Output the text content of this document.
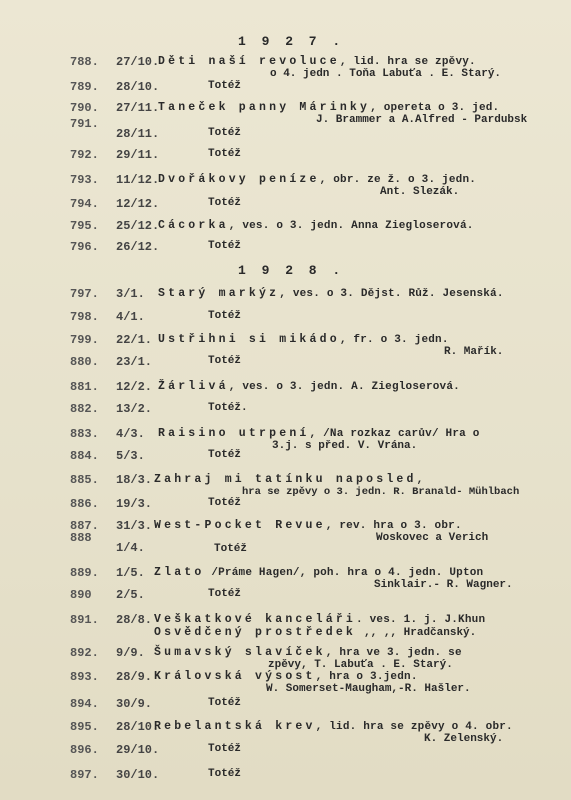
1 9 2 7 .
788. 27/10.
Děti naší revoluce, lid. hra se zpěvy.
o 4. jedn . Toňa Labuťa . E. Starý.
789. 28/10.	Totéž
790. 27/11.
Taneček panny Márinky, opereta o 3. jed.
J. Brammer a A.Alfred - Pardubsk
791.
28/11.	Totéž
792. 29/11.	Totéž
793. 11/12.
Dvořákovy peníze, obr. ze ž. o 3. jedn.
Ant. Slezák.
794. 12/12.	Totéž
795. 25/12.
Cácorka, ves. o 3. jedn. Anna Ziegloserová.
796. 26/12.	Totéž
1 9 2 8 .
797. 3/1. Starý markýz, ves. o 3. Dějst. Růž. Jesenská.
798. 4/1.	Totéž
799. 22/1. Ustřihni si mikádo, fr. o 3. jedn.
R. Mařík.
880. 23/1.	Totéž
881. 12/2. Žárlivá, ves. o 3. jedn. A. Ziegloserová.
882. 13/2.	Totéž.
883. 4/3. Raisino utrpení, /Na rozkaz carův/ Hra o
3.j. s před. V. Vrána.
884. 5/3.	Totéž
885. 18/3. Zahraj mi tatínku naposled,
hra se zpěvy o 3. jedn. R. Branald- Mühlbach
886. 19/3.	Totéž
887. 31/3. West-Pocket Revue, rev. hra o 3. obr.
Woskovec a Verich
888
1/4.	Totéž
889. 1/5. Zlato /Práme Hagen/, poh. hra o 4. jedn. Upton
Sinklair.- R. Wagner.
890 2/5.	Totéž
891. 28/8. Veškatkové kanceláři. ves. 1. j. J.Khun
Osvědčený prostředek ,, ,, Hradčanský.
892. 9/9. Šumavský slavíček, hra ve 3. jedn. se
zpěvy, T. Labuťa . E. Starý.
893. 28/9. Královská výsost, hra o 3.jedn.
W. Somerset-Maugham,-R. Hašler.
894. 30/9.	Totéž
895. 28/10.
Rebelantská krev, lid. hra se zpěvy o 4. obr.
K. Zelenský.
896. 29/10.	Totéž
897. 30/10.	Totéž
